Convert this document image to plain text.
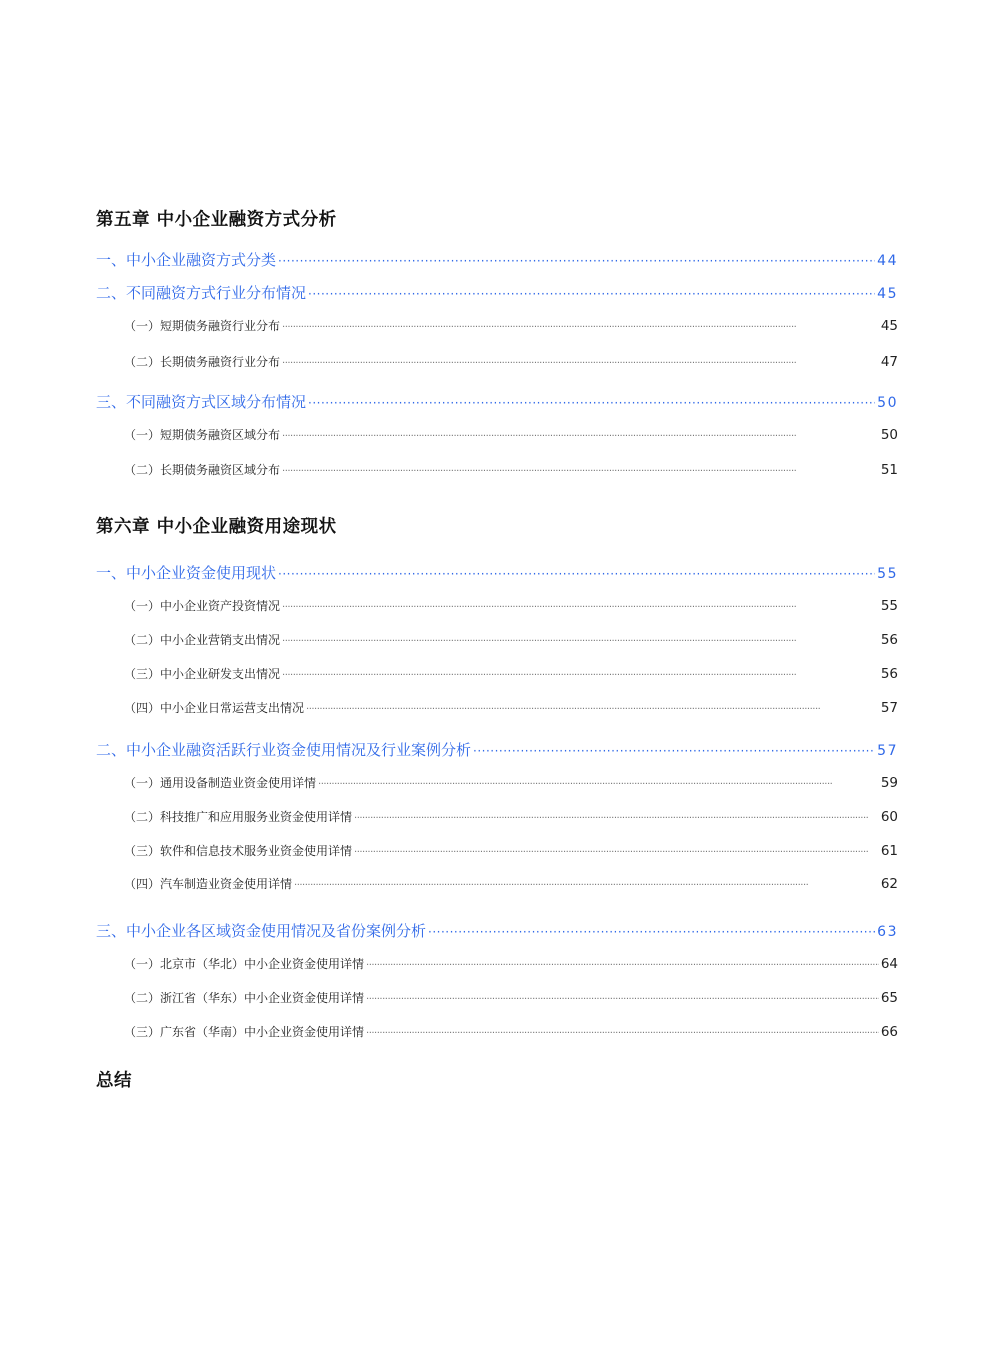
第五章 中小企业融资方式分析
一、中小企业融资方式分类 ·····	44
二、不同融资方式行业分布情况 ·····	45
（一）短期债务融资行业分布 ·····	45
（二）长期债务融资行业分布 ·····	47
三、不同融资方式区域分布情况 ·····	50
（一）短期债务融资区域分布 ·····	50
（二）长期债务融资区域分布 ·····	51
第六章 中小企业融资用途现状
一、中小企业资金使用现状 ·····	55
（一）中小企业资产投资情况 ·····	55
（二）中小企业营销支出情况 ·····	56
（三）中小企业研发支出情况 ·····	56
（四）中小企业日常运营支出情况 ·····	57
二、中小企业融资活跃行业资金使用情况及行业案例分析 ·····	57
（一）通用设备制造业资金使用详情 ·····	59
（二）科技推广和应用服务业资金使用详情 ·····	60
（三）软件和信息技术服务业资金使用详情 ·····	61
（四）汽车制造业资金使用详情 ·····	62
三、中小企业各区域资金使用情况及省份案例分析 ·····	63
（一）北京市（华北）中小企业资金使用详情 ·····	64
（二）浙江省（华东）中小企业资金使用详情 ·····	65
（三）广东省（华南）中小企业资金使用详情 ·····	66
总结
